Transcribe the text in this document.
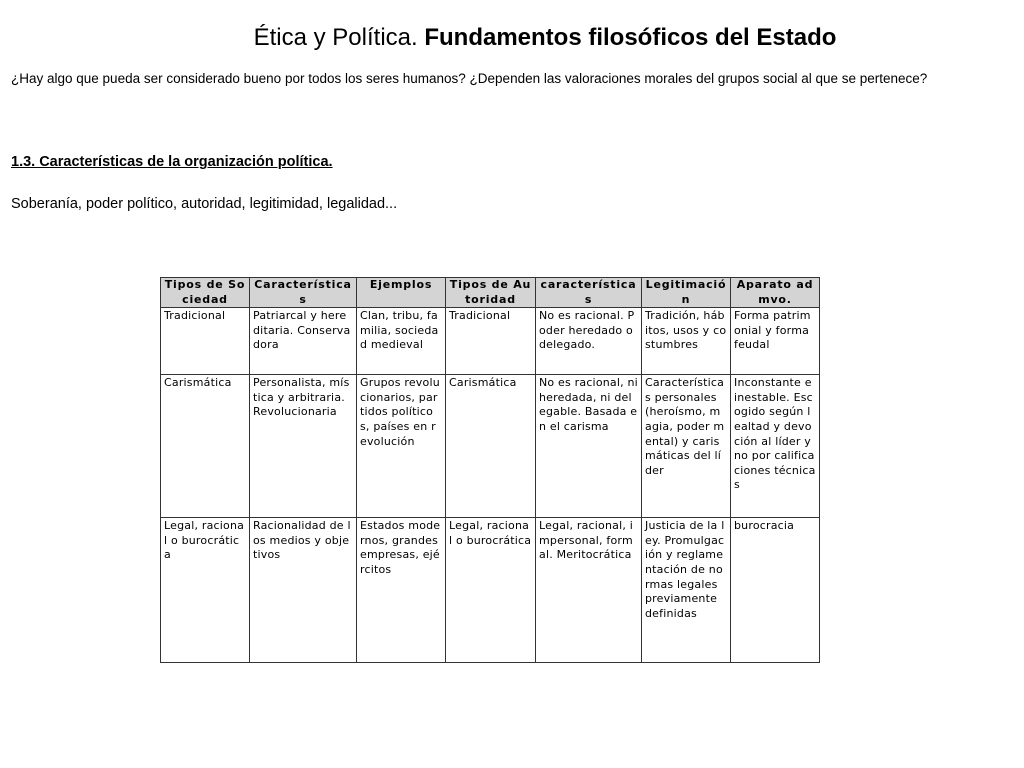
Ética y Política. Fundamentos filosóficos del Estado

¿Hay algo que pueda ser considerado bueno por todos los seres humanos? ¿Dependen las valoraciones morales del grupos social al que se pertenece?

1.3. Características de la organización política.

Soberanía, poder político, autoridad, legitimidad, legalidad...

Tipos de Sociedad	Características	Ejemplos	Tipos de Autoridad	características	Legitimación	Aparato admvo.
Tradicional	Patriarcal y hereditaria. Conservadora	Clan, tribu, familia, sociedad medieval	Tradicional	No es racional. Poder heredado o delegado.	Tradición, hábitos, usos y costumbres	Forma patrimonial y forma feudal
Carismática	Personalista, mística y arbitraria. Revolucionaria	Grupos revolucionarios, partidos políticos, países en revolución	Carismática	No es racional, ni heredada, ni delegable. Basada en el carisma	Características personales (heroísmo, magia, poder mental) y carismáticas del líder	Inconstante e inestable. Escogido según lealtad y devoción al líder y no por calificaciones técnicas
Legal, racional o burocrática	Racionalidad de los medios y objetivos	Estados modernos, grandes empresas, ejércitos	Legal, racional o burocrática	Legal, racional, impersonal, formal. Meritocrática	Justicia de la ley. Promulgación y reglamentación de normas legales previamente definidas	burocracia
